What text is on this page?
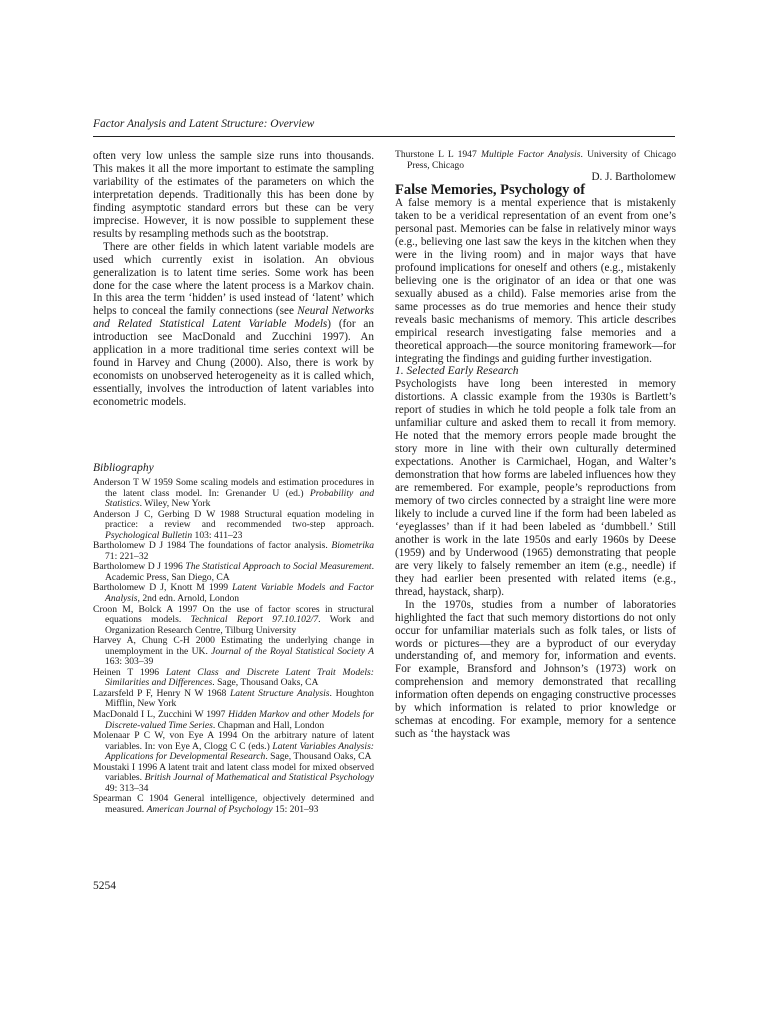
Factor Analysis and Latent Structure: Overview

often very low unless the sample size runs into thousands. This makes it all the more important to estimate the sampling variability of the estimates of the parameters on which the interpretation depends. Traditionally this has been done by finding asymptotic standard errors but these can be very imprecise. However, it is now possible to supplement these results by resampling methods such as the bootstrap.

There are other fields in which latent variable models are used which currently exist in isolation. An obvious generalization is to latent time series. Some work has been done for the case where the latent process is a Markov chain. In this area the term ‘hidden’ is used instead of ‘latent’ which helps to conceal the family connections (see Neural Networks and Related Statistical Latent Variable Models) (for an introduction see MacDonald and Zucchini 1997). An application in a more traditional time series context will be found in Harvey and Chung (2000). Also, there is work by economists on unobserved heterogeneity as it is called which, essentially, involves the introduction of latent variables into econometric models.

Bibliography

Anderson T W 1959 Some scaling models and estimation procedures in the latent class model. In: Grenander U (ed.) Probability and Statistics. Wiley, New York

Anderson J C, Gerbing D W 1988 Structural equation modeling in practice: a review and recommended two-step approach. Psychological Bulletin 103: 411–23

Bartholomew D J 1984 The foundations of factor analysis. Biometrika 71: 221–32

Bartholomew D J 1996 The Statistical Approach to Social Measurement. Academic Press, San Diego, CA

Bartholomew D J, Knott M 1999 Latent Variable Models and Factor Analysis, 2nd edn. Arnold, London

Croon M, Bolck A 1997 On the use of factor scores in structural equations models. Technical Report 97.10.102/7. Work and Organization Research Centre, Tilburg University

Harvey A, Chung C-H 2000 Estimating the underlying change in unemployment in the UK. Journal of the Royal Statistical Society A 163: 303–39

Heinen T 1996 Latent Class and Discrete Latent Trait Models: Similarities and Differences. Sage, Thousand Oaks, CA

Lazarsfeld P F, Henry N W 1968 Latent Structure Analysis. Houghton Mifflin, New York

MacDonald I L, Zucchini W 1997 Hidden Markov and other Models for Discrete-valued Time Series. Chapman and Hall, London

Molenaar P C W, von Eye A 1994 On the arbitrary nature of latent variables. In: von Eye A, Clogg C C (eds.) Latent Variables Analysis: Applications for Developmental Research. Sage, Thousand Oaks, CA

Moustaki I 1996 A latent trait and latent class model for mixed observed variables. British Journal of Mathematical and Statistical Psychology 49: 313–34

Spearman C 1904 General intelligence, objectively determined and measured. American Journal of Psychology 15: 201–93

5254

Thurstone L L 1947 Multiple Factor Analysis. University of Chicago Press, Chicago

D. J. Bartholomew

False Memories, Psychology of

A false memory is a mental experience that is mistakenly taken to be a veridical representation of an event from one’s personal past. Memories can be false in relatively minor ways (e.g., believing one last saw the keys in the kitchen when they were in the living room) and in major ways that have profound implications for oneself and others (e.g., mistakenly believing one is the originator of an idea or that one was sexually abused as a child). False memories arise from the same processes as do true memories and hence their study reveals basic mechanisms of memory. This article describes empirical research investigating false memories and a theoretical approach—the source monitoring framework—for integrating the findings and guiding further investigation.

1. Selected Early Research

Psychologists have long been interested in memory distortions. A classic example from the 1930s is Bartlett’s report of studies in which he told people a folk tale from an unfamiliar culture and asked them to recall it from memory. He noted that the memory errors people made brought the story more in line with their own culturally determined expectations. Another is Carmichael, Hogan, and Walter’s demonstration that how forms are labeled influences how they are remembered. For example, people’s reproductions from memory of two circles connected by a straight line were more likely to include a curved line if the form had been labeled as ‘eyeglasses’ than if it had been labeled as ‘dumbbell.’ Still another is work in the late 1950s and early 1960s by Deese (1959) and by Underwood (1965) demonstrating that people are very likely to falsely remember an item (e.g., needle) if they had earlier been presented with related items (e.g., thread, haystack, sharp).

In the 1970s, studies from a number of laboratories highlighted the fact that such memory distortions do not only occur for unfamiliar materials such as folk tales, or lists of words or pictures—they are a byproduct of our everyday understanding of, and memory for, information and events. For example, Bransford and Johnson’s (1973) work on comprehension and memory demonstrated that recalling information often depends on engaging constructive processes by which information is related to prior knowledge or schemas at encoding. For example, memory for a sentence such as ‘the haystack was
